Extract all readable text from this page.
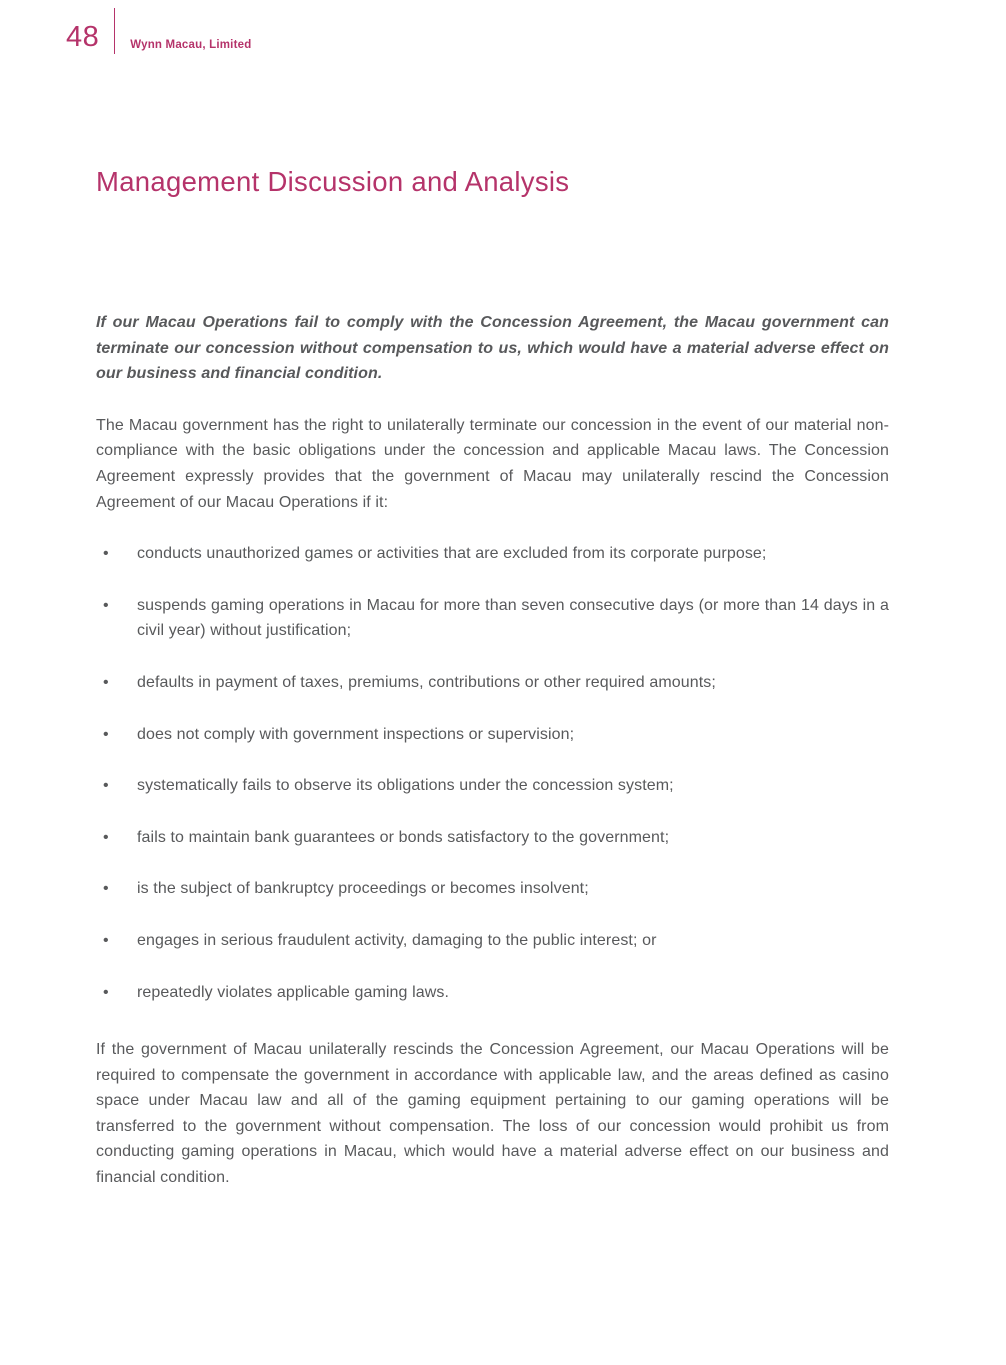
48	Wynn Macau, Limited
Management Discussion and Analysis

If our Macau Operations fail to comply with the Concession Agreement, the Macau government can terminate our concession without compensation to us, which would have a material adverse effect on our business and financial condition.

The Macau government has the right to unilaterally terminate our concession in the event of our material non-compliance with the basic obligations under the concession and applicable Macau laws. The Concession Agreement expressly provides that the government of Macau may unilaterally rescind the Concession Agreement of our Macau Operations if it:

• conducts unauthorized games or activities that are excluded from its corporate purpose;
• suspends gaming operations in Macau for more than seven consecutive days (or more than 14 days in a civil year) without justification;
• defaults in payment of taxes, premiums, contributions or other required amounts;
• does not comply with government inspections or supervision;
• systematically fails to observe its obligations under the concession system;
• fails to maintain bank guarantees or bonds satisfactory to the government;
• is the subject of bankruptcy proceedings or becomes insolvent;
• engages in serious fraudulent activity, damaging to the public interest; or
• repeatedly violates applicable gaming laws.

If the government of Macau unilaterally rescinds the Concession Agreement, our Macau Operations will be required to compensate the government in accordance with applicable law, and the areas defined as casino space under Macau law and all of the gaming equipment pertaining to our gaming operations will be transferred to the government without compensation. The loss of our concession would prohibit us from conducting gaming operations in Macau, which would have a material adverse effect on our business and financial condition.
